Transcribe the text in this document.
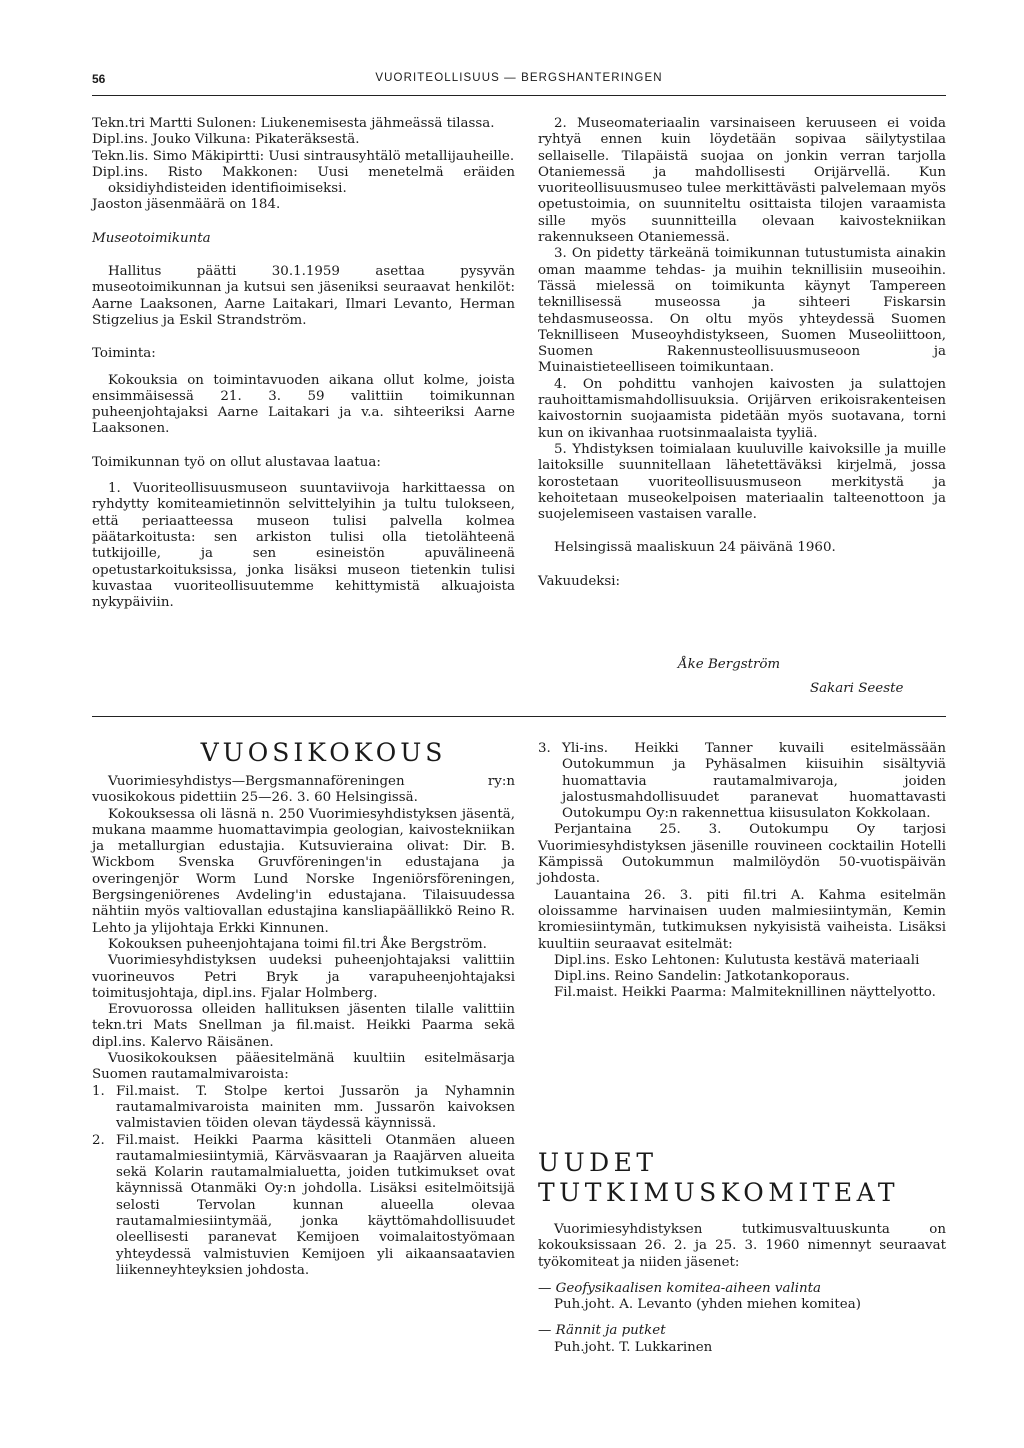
56	VUORITEOLLISUUS — BERGSHANTERINGEN

Tekn.tri Martti Sulonen: Liukenemisesta jähmeässä tilassa.

Dipl.ins. Jouko Vilkuna: Pikateräksestä.

Tekn.lis. Simo Mäkipirtti: Uusi sintrausyhtälö metallijauheille.

Dipl.ins. Risto Makkonen: Uusi menetelmä eräiden oksidiyhdisteiden identifioimiseksi.

Jaoston jäsenmäärä on 184.

Museotoimikunta

Hallitus päätti 30.1.1959 asettaa pysyvän museotoimikunnan ja kutsui sen jäseniksi seuraavat henkilöt: Aarne Laaksonen, Aarne Laitakari, Ilmari Levanto, Herman Stigzelius ja Eskil Strandström.

Toiminta:

Kokouksia on toimintavuoden aikana ollut kolme, joista ensimmäisessä 21. 3. 59 valittiin toimikunnan puheenjohtajaksi Aarne Laitakari ja v.a. sihteeriksi Aarne Laaksonen.

Toimikunnan työ on ollut alustavaa laatua:

1. Vuoriteollisuusmuseon suuntaviivoja harkittaessa on ryhdytty komiteamietinnön selvittelyihin ja tultu tulokseen, että periaatteessa museon tulisi palvella kolmea päätarkoitusta: sen arkiston tulisi olla tietolähteenä tutkijoille, ja sen esineistön apuvälineenä opetustarkoituksissa, jonka lisäksi museon tietenkin tulisi kuvastaa vuoriteollisuutemme kehittymistä alkuajoista nykypäiviin.

2. Museomateriaalin varsinaiseen keruuseen ei voida ryhtyä ennen kuin löydetään sopivaa säilytystilaa sellaiselle. Tilapäistä suojaa on jonkin verran tarjolla Otaniemessä ja mahdollisesti Orijärvellä. Kun vuoriteollisuusmuseo tulee merkittävästi palvelemaan myös opetustoimia, on suunniteltu osittaista tilojen varaamista sille myös suunnitteilla olevaan kaivostekniikan rakennukseen Otaniemessä.

3. On pidetty tärkeänä toimikunnan tutustumista ainakin oman maamme tehdas- ja muihin teknillisiin museoihin. Tässä mielessä on toimikunta käynyt Tampereen teknillisessä museossa ja sihteeri Fiskarsin tehdasmuseossa. On oltu myös yhteydessä Suomen Teknilliseen Museoyhdistykseen, Suomen Museoliittoon, Suomen Rakennusteollisuusmuseoon ja Muinaistieteelliseen toimikuntaan.

4. On pohdittu vanhojen kaivosten ja sulattojen rauhoittamismahdollisuuksia. Orijärven erikoisrakenteisen kaivostornin suojaamista pidetään myös suotavana, torni kun on ikivanhaa ruotsinmaalaista tyyliä.

5. Yhdistyksen toimialaan kuuluville kaivoksille ja muille laitoksille suunnitellaan lähetettäväksi kirjelmä, jossa korostetaan vuoriteollisuusmuseon merkitystä ja kehoitetaan museokelpoisen materiaalin talteenottoon ja suojelemiseen vastaisen varalle.

Helsingissä maaliskuun 24 päivänä 1960.

Vakuudeksi:

Åke Bergström
Sakari Seeste
VUOSIKOKOUS

Vuorimiesyhdistys—Bergsmannaföreningen ry:n vuosikokous pidettiin 25—26. 3. 60 Helsingissä.

Kokouksessa oli läsnä n. 250 Vuorimiesyhdistyksen jäsentä, mukana maamme huomattavimpia geologian, kaivostekniikan ja metallurgian edustajia. Kutsuvieraina olivat: Dir. B. Wickbom Svenska Gruvföreningen'in edustajana ja overingenjör Worm Lund Norske Ingeniörsföreningen, Bergsingeniörenes Avdeling'in edustajana. Tilaisuudessa nähtiin myös valtiovallan edustajina kansliapäällikkö Reino R. Lehto ja ylijohtaja Erkki Kinnunen.

Kokouksen puheenjohtajana toimi fil.tri Åke Bergström.

Vuorimiesyhdistyksen uudeksi puheenjohtajaksi valittiin vuorineuvos Petri Bryk ja varapuheenjohtajaksi toimitusjohtaja, dipl.ins. Fjalar Holmberg.

Erovuorossa olleiden hallituksen jäsenten tilalle valittiin tekn.tri Mats Snellman ja fil.maist. Heikki Paarma sekä dipl.ins. Kalervo Räisänen.

Vuosikokouksen pääesitelmänä kuultiin esitelmäsarja Suomen rautamalmivaroista:

1. Fil.maist. T. Stolpe kertoi Jussarön ja Nyhamnin rautamalmivaroista mainiten mm. Jussarön kaivoksen valmistavien töiden olevan täydessä käynnissä.

2. Fil.maist. Heikki Paarma käsitteli Otanmäen alueen rautamalmiesiintymiä, Kärväsvaaran ja Raajärven alueita sekä Kolarin rautamalmialuetta, joiden tutkimukset ovat käynnissä Otanmäki Oy:n johdolla. Lisäksi esitelmöitsijä selosti Tervolan kunnan alueella olevaa rautamalmiesiintymää, jonka käyttömahdollisuudet oleellisesti paranevat Kemijoen voimalaitostyömaan yhteydessä valmistuvien Kemijoen yli aikaansaatavien liikenneyhteyksien johdosta.

3. Yli-ins. Heikki Tanner kuvaili esitelmässään Outokummun ja Pyhäsalmen kiisuihin sisältyviä huomattavia rautamalmivaroja, joiden jalostusmahdollisuudet paranevat huomattavasti Outokumpu Oy:n rakennettua kiisusulaton Kokkolaan.

Perjantaina 25. 3. Outokumpu Oy tarjosi Vuorimiesyhdistyksen jäsenille rouvineen cocktailin Hotelli Kämpissä Outokummun malmilöydön 50-vuotispäivän johdosta.

Lauantaina 26. 3. piti fil.tri A. Kahma esitelmän oloissamme harvinaisen uuden malmiesiintymän, Kemin kromiesiintymän, tutkimuksen nykyisistä vaiheista. Lisäksi kuultiin seuraavat esitelmät:

Dipl.ins. Esko Lehtonen: Kulutusta kestävä materiaali

Dipl.ins. Reino Sandelin: Jatkotankoporaus.

Fil.maist. Heikki Paarma: Malmiteknillinen näyttelyotto.

UUDET TUTKIMUSKOMITEAT

Vuorimiesyhdistyksen tutkimusvaltuuskunta on kokouksissaan 26. 2. ja 25. 3. 1960 nimennyt seuraavat työkomiteat ja niiden jäsenet:

— Geofysikaalisen komitea-aiheen valinta

Puh.joht. A. Levanto (yhden miehen komitea)

— Rännit ja putket

Puh.joht. T. Lukkarinen
